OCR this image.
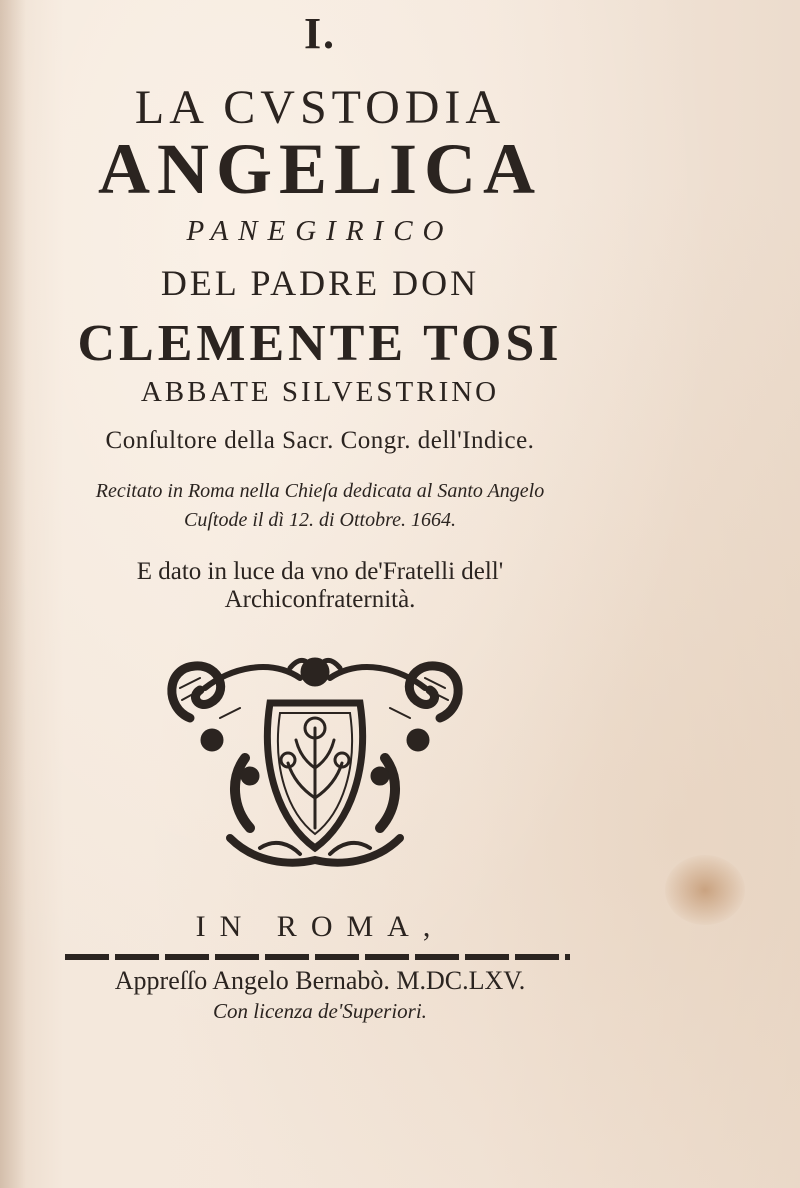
I.
LA CVSTODIA
ANGELICA
PANEGIRICO
DEL PADRE DON
CLEMENTE TOSI
ABBATE SILVESTRINO
Conſultore della Sacr. Congr. dell'Indice.
Recitato in Roma nella Chieſa dedicata al Santo Angelo
Cuſtode il dì 12. di Ottobre. 1664.
E dato in luce da vno de'Fratelli dell'
Archiconfraternità.
IN ROMA,
Appreſſo Angelo Bernabò. M.DC.LXV.
Con licenza de'Superiori.
